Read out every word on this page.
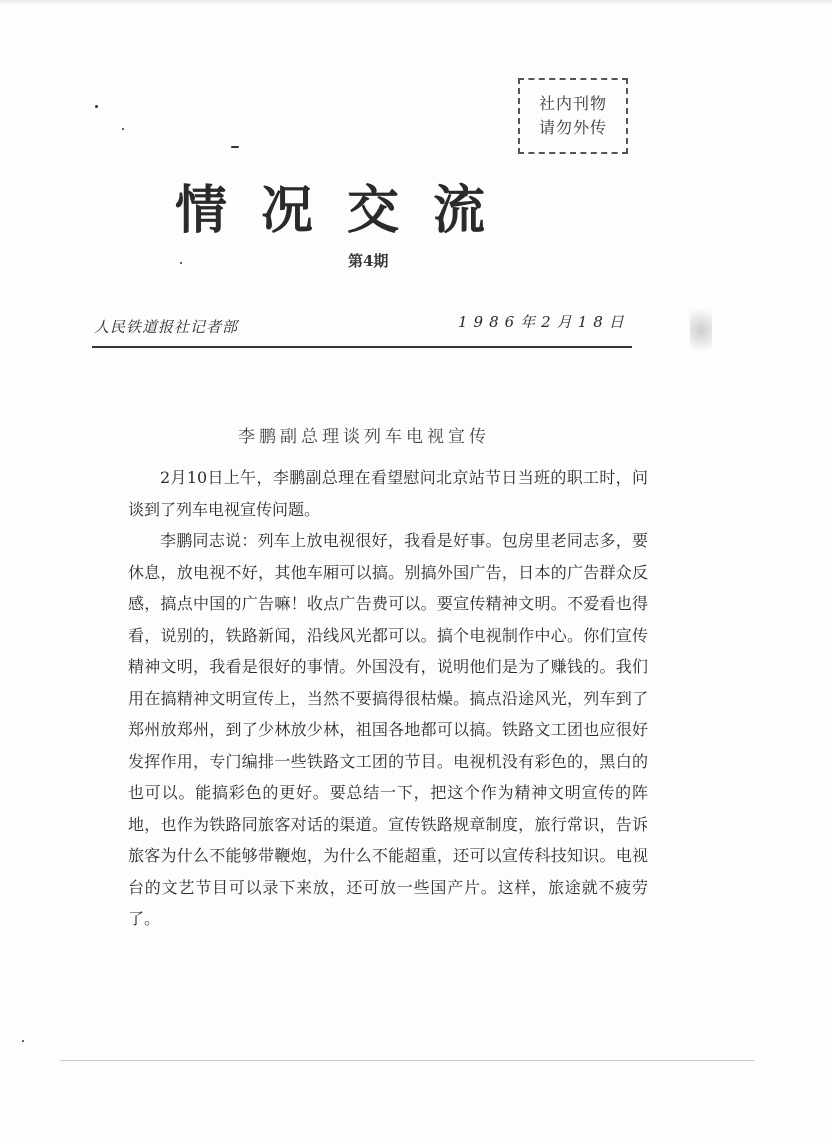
社内刊物
请勿外传
情况交流
第4期
人民铁道报社记者部	1986年2月18日
李鹏副总理谈列车电视宣传

2月10日上午，李鹏副总理在看望慰问北京站节日当班的职工时，问谈到了列车电视宣传问题。

李鹏同志说：列车上放电视很好，我看是好事。包房里老同志多，要休息，放电视不好，其他车厢可以搞。别搞外国广告，日本的广告群众反感，搞点中国的广告嘛！收点广告费可以。要宣传精神文明。不爱看也得看，说别的，铁路新闻，沿线风光都可以。搞个电视制作中心。你们宣传精神文明，我看是很好的事情。外国没有，说明他们是为了赚钱的。我们用在搞精神文明宣传上，当然不要搞得很枯燥。搞点沿途风光，列车到了郑州放郑州，到了少林放少林，祖国各地都可以搞。铁路文工团也应很好发挥作用，专门编排一些铁路文工团的节目。电视机没有彩色的，黑白的也可以。能搞彩色的更好。要总结一下，把这个作为精神文明宣传的阵地，也作为铁路同旅客对话的渠道。宣传铁路规章制度，旅行常识，告诉旅客为什么不能够带鞭炮，为什么不能超重，还可以宣传科技知识。电视台的文艺节目可以录下来放，还可放一些国产片。这样，旅途就不疲劳了。
